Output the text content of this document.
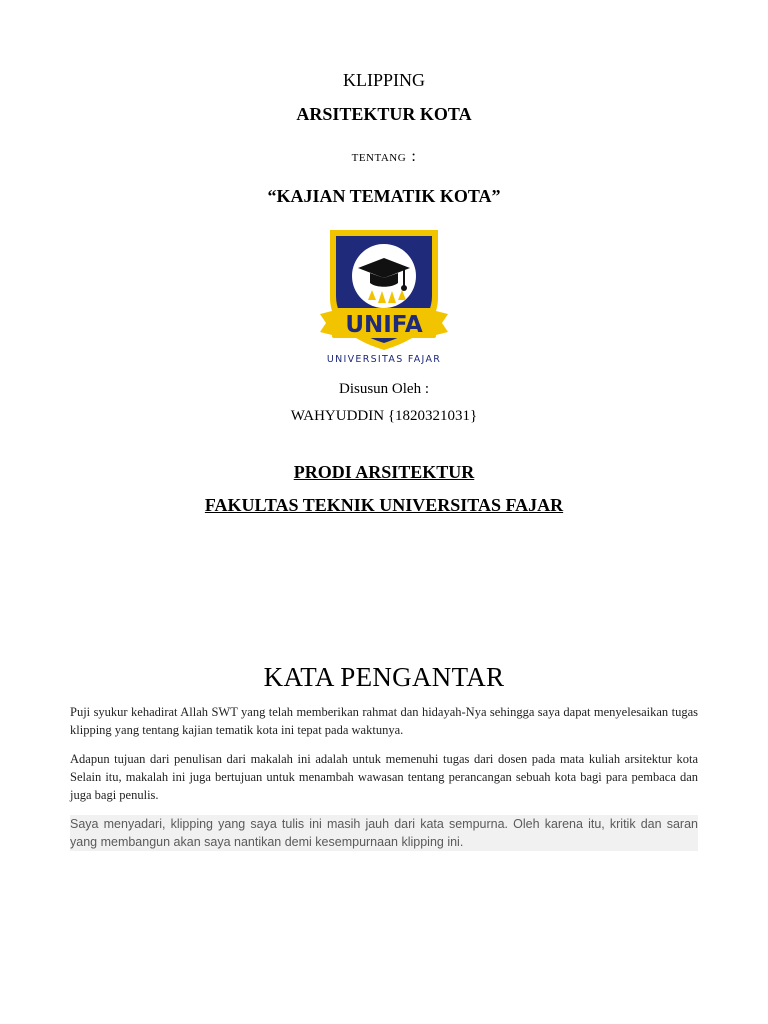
KLIPPING
ARSITEKTUR KOTA
TENTANG :
“KAJIAN TEMATIK KOTA”
UNIFA
UNIVERSITAS FAJAR
Disusun Oleh :
WAHYUDDIN {1820321031}
PRODI ARSITEKTUR
FAKULTAS TEKNIK UNIVERSITAS FAJAR
KATA PENGANTAR
Puji syukur kehadirat Allah SWT yang telah memberikan rahmat dan hidayah-Nya sehingga saya dapat menyelesaikan tugas klipping yang tentang kajian tematik kota ini tepat pada waktunya.
Adapun tujuan dari penulisan dari makalah ini adalah untuk memenuhi tugas dari dosen pada mata kuliah arsitektur kota Selain itu, makalah ini juga bertujuan untuk menambah wawasan tentang perancangan sebuah kota bagi para pembaca dan juga bagi penulis.
Saya menyadari, klipping yang saya tulis ini masih jauh dari kata sempurna. Oleh karena itu, kritik dan saran yang membangun akan saya nantikan demi kesempurnaan klipping ini.
